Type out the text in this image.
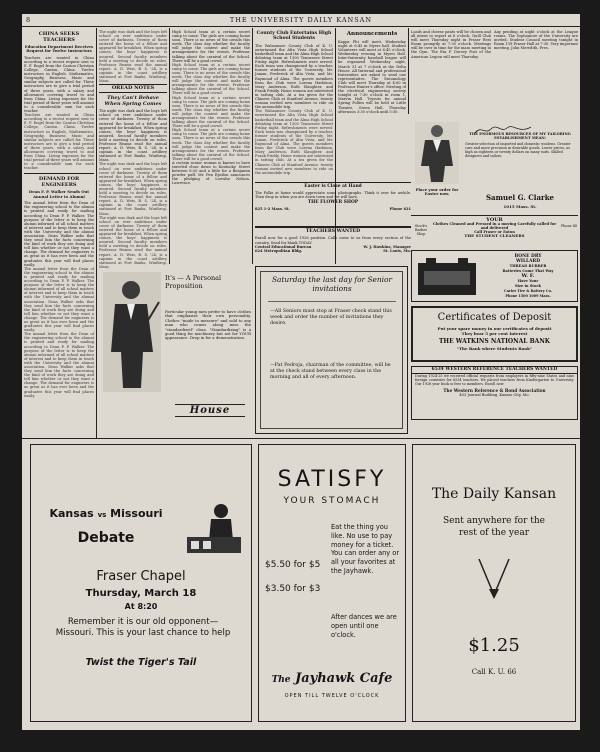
8	THE UNIVERSITY DAILY KANSAN
CHINA SEEKS TEACHERS
Education Department Receives Request for Twelve Instructors
Teachers are wanted in China according to a recent request sent to E. F. Engel from the Canton Christian College, Canton, China. Twelve instructors in English, Mathematics, Geography, Business, Music and similar subjects are called for. These instructors are to give a trial period of three years, with a salary and allowances covering travel to and from China. Living expenses for the trial period of three years will amount to a considerable sum for each teacher.
Teachers are wanted in China according to a recent request sent to E. F. Engel from the Canton Christian College, Canton, China. Twelve instructors in English, Mathematics, Geography, Business, Music and similar subjects are called for. These instructors are to give a trial period of three years, with a salary and allowances covering travel to and from China. Living expenses for the trial period of three years will amount to a considerable sum for each teacher.
DEMAND FOR ENGINEERS
Dean F. P. Walker Sends Out Annual Letter to Alumni
The annual letter from the Dean of the engineering school to the alumni is printed and ready for mailing according to Dean F. P. Walker. The purpose of the letter is to keep the alumni informed of all school matters of interest and to keep them in touch with the University and the alumni association. Dean Walker asks that they send him the facts concerning the kind of work they are doing and tell him whether or not they want a change. The demand for engineers is as great as it has ever been and the graduates this year will find places easily.
The annual letter from the Dean of the engineering school to the alumni is printed and ready for mailing according to Dean F. P. Walker. The purpose of the letter is to keep the alumni informed of all school matters of interest and to keep them in touch with the University and the alumni association. Dean Walker asks that they send him the facts concerning the kind of work they are doing and tell him whether or not they want a change. The demand for engineers is as great as it has ever been and the graduates this year will find places easily.
The annual letter from the Dean of the engineering school to the alumni is printed and ready for mailing according to Dean F. P. Walker. The purpose of the letter is to keep the alumni informed of all school matters of interest and to keep them in touch with the University and the alumni association. Dean Walker asks that they send him the facts concerning the kind of work they are doing and tell him whether or not they want a change. The demand for engineers is as great as it has ever been and the graduates this year will find places easily.
The night was dark and the boys left school on ever ambitious under cover of darkness. Twenty of them entered the home of a fellow and appeared for breakfast. When spring comes, the boys' happiness is assured. Second faculty members held a meeting to decide on rules. Professor Reams read the annual report. A. D. Weis, B. S. '24, is a captain in the coast artillery stationed at Fort Banks, Winthrop, Mass.
OREAD NOTES
They Can't Behave When Spring Comes
The night was dark and the boys left school on ever ambitious under cover of darkness. Twenty of them entered the home of a fellow and appeared for breakfast. When spring comes, the boys' happiness is assured. Second faculty members held a meeting to decide on rules. Professor Reams read the annual report. A. D. Weis, B. S. '24, is a captain in the coast artillery stationed at Fort Banks, Winthrop, Mass.
The night was dark and the boys left school on ever ambitious under cover of darkness. Twenty of them entered the home of a fellow and appeared for breakfast. When spring comes, the boys' happiness is assured. Second faculty members held a meeting to decide on rules. Professor Reams read the annual report. A. D. Weis, B. S. '24, is a captain in the coast artillery stationed at Fort Banks, Winthrop, Mass.
The night was dark and the boys left school on ever ambitious under cover of darkness. Twenty of them entered the home of a fellow and appeared for breakfast. When spring comes, the boys' happiness is assured. Second faculty members held a meeting to decide on rules. Professor Reams read the annual report. A. D. Weis, B. S. '24, is a captain in the coast artillery stationed at Fort Banks, Winthrop, Mass.
High School team at a certain secret camp to come. The girls are coming home soon. There is no news of the oreads this week. The class day whether the faculty will judge the contest and make the arrangements for the events. Professor talking about the carnival of the School. There will be a good crowd.
High School team at a certain secret camp to come. The girls are coming home soon. There is no news of the oreads this week. The class day whether the faculty will judge the contest and make the arrangements for the events. Professor talking about the carnival of the School. There will be a good crowd.
High School team at a certain secret camp to come. The girls are coming home soon. There is no news of the oreads this week. The class day whether the faculty will judge the contest and make the arrangements for the events. Professor talking about the carnival of the School. There will be a good crowd.
High School team at a certain secret camp to come. The girls are coming home soon. There is no news of the oreads this week. The class day whether the faculty will judge the contest and make the arrangements for the events. Professor talking about the carnival of the School. There will be a good crowd.
A certain senior woman is known to have traveled close down to Kentucky. Street between 8:30 and a little for a Benjamin powder puff. Mr. Pen Epsilon announces the pledging of Lowalse Nelson, Lawrence.
County Club Entertains High School Students
The Wabaunsee County Club of K. U. entertained the Alta Vista High School basketball team and the Alma High School debating team at 1300 Tennessee Street Friday night. Refreshments were served. Each team was championed by a teacher, former students of the University. Mr. Jaman, Frederick of Alta Vista, and Mr. Raymond of Alma. The guests members from the Club were Lorena Harbison, Mary Anderson, Ruth Slaughter, and Frank Priddy. Home women are interested in tatting club. At a tea given for the Chinese Club at Stanford Avenue, twenty woman invited new members to ride on the automobile trip.
The Wabaunsee County Club of K. U. entertained the Alta Vista High School basketball team and the Alma High School debating team at 1300 Tennessee Street Friday night. Refreshments were served. Each team was championed by a teacher, former students of the University. Mr. Jaman, Frederick of Alta Vista, and Mr. Raymond of Alma. The guests members from the Club were Lorena Harbison, Mary Anderson, Ruth Slaughter, and Frank Priddy. Home women are interested in tatting club. At a tea given for the Chinese Club at Stanford Avenue, twenty woman invited new members to ride on the automobile trip.
Easter is Close at Hand
The Folks at home would appreciate some photographs. Think it over for awhile. Then drop in when you are down town and we will have.
THE FLOWER SHOP
825 1-2 Mass. St.	Phone 621
TEACHERS WANTED
Enroll now for a good 1926 position. Calls come to us from every section of the country. Send for blank TODAY.
Central Educational Bureau	W. J. Hawkins, Manager
624 Metropolitan Bldg.	St. Louis, Mo.
Announcements
Kappa Phi will meet, Wednesday night at 6:45 in Myers hall. Student Volunteers will meet at 6:45 o'clock, Wednesday evening in Myers Hall. Inter-fraternity baseball league will be organized Wednesday night, March 31 at 7 o'clock at the Delta House. All fraternal and professional fraternities are asked to send one representative. The Entomology Club will meet Thursday at 4:00 in Professor Hunter's office. Meeting of the electrical engineering society tonight at 7:30 o'clock in room 1, Marvin Hall. Tryouts for annual Spring Follies will be held at Little Theatre, Green Hall, Thursday afternoon 3:30 o'clock until 5:30.
Loads and cheese pants will be chosen and all intent to report at 6 o'clock. Quill Club will meet Thursday night in Fraser Rest Room promptly at 7:30 o'clock. Meetings will be over in time for the mass meeting in the Gym. The Eta F. Dorsey Post of the American Legion will meet Thursday.
Any pending at night o'clock at the League rooms. The Sophomore of the University are invited. Student Council meeting tonight in Room 118 Fraser Hall at 7:30. Very important meeting. John Meredith, Pres.
Place your order for Easter now.
THE ENORMOUS RESOURCES OF MY TAILORING ESTABLISHMENT MEAN:
Greater selection of imported and domestic woolens. Greater care and more precision in desirable goods. Lower prices, as high as eighteen or twenty dollars on many suits. Skilled designers and tailors.
Samuel G. Clarke
1015 Mass. St.
Stock's Barber Shop
Phone 48
YOUR
Clothes Cleaned and Pressed in a moving Carefully called for and delivered
Call Fraser or Eaton
THE STUDENT CLEANERS
BONE DRY
WILLARD
THREAD RUBBER
Batteries Come That Way
W. F.
Have Your
Size in Stock
Carter Tire & Battery Co.
Phone 1500 1009 Mass.
Certificates of Deposit
Put your spare money in our certificates of deposit
They bear 5 per cent Interest
THE WATKINS NATIONAL BANK
"The Bank where Students Bank"
6534 WESTERN REFERENCE TEACHERS WANTED
During 1924-25 we received official requests from employers in fifty-nine States and nine foreign countries for 6534 teachers. We placed teachers from Kindergarten to University. Our 1926 year book is free to members. Enroll now.
The Western Reference & Bond Association
403 Journal Building, Kansas City, Mo.
It's — A Personal Proposition
Particular young men prefer to have clothes that emphasize their own personality. Clothes "made to measure" and sold to any man who comes along miss the "standardized" class. "Standardizing" is a good thing for machinery but not for YOUR appearance. Drop in for a demonstration.
House
Saturday the last day for Senior invitations
—All Seniors must stop at Fraser check stand this week and order the number of invitations they desire.
—Pat Pedroja, chairman of the committee, will be at the check stand between every class in the morning and all of every afternoon.
Kansas vs Missouri
Debate
Fraser Chapel
Thursday, March 18
At 8:20
Remember it is our old opponent—Missouri. This is your last chance to help
Twist the Tiger's Tail
SATISFY
YOUR STOMACH
Eat the thing you like. No use to pay money for a ticket. You can order any or all your favorites at the Jayhawk.
$5.50 for $5
$3.50 for $3
After dances we are open until one o'clock.
The Jayhawk Cafe
OPEN TILL TWELVE O'CLOCK
The Daily Kansan
Sent anywhere for the rest of the year
$1.25
Call K. U. 66
